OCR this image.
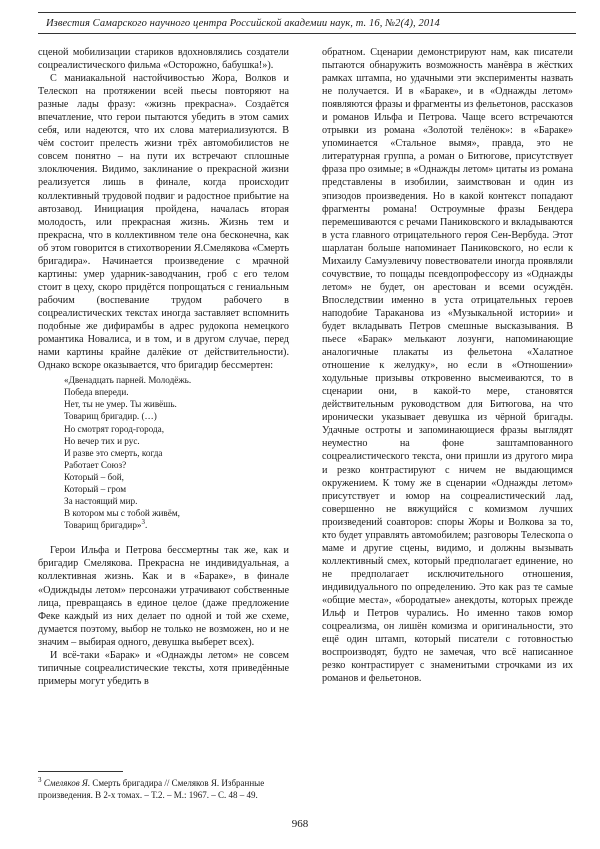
Известия Самарского научного центра Российской академии наук, т. 16, №2(4), 2014

сценой мобилизации стариков вдохновлялись создатели соцреалистического фильма «Осторожно, бабушка!»).

С маниакальной настойчивостью Жора, Волков и Телескоп на протяжении всей пьесы повторяют на разные лады фразу: «жизнь прекрасна». Создаётся впечатление, что герои пытаются убедить в этом самих себя, или надеются, что их слова материализуются. В чём состоит прелесть жизни трёх автомобилистов не совсем понятно – на пути их встречают сплошные злоключения. Видимо, заклинание о прекрасной жизни реализуется лишь в финале, когда происходит коллективный трудовой подвиг и радостное прибытие на автозавод. Инициация пройдена, началась вторая молодость, или прекрасная жизнь. Жизнь тем и прекрасна, что в коллективном теле она бесконечна, как об этом говорится в стихотворении Я.Смелякова «Смерть бригадира». Начинается произведение с мрачной картины: умер ударник-заводчанин, гроб с его телом стоит в цеху, скоро придётся попрощаться с гениальным рабочим (воспевание трудом рабочего в соцреалистических текстах иногда заставляет вспомнить подобные же дифирамбы в адрес рудокопа немецкого романтика Новалиса, и в том, и в другом случае, перед нами картины крайне далёкие от действительности). Однако вскоре оказывается, что бригадир бессмертен:

«Двенадцать парней. Молодёжь.
Победа впереди.
Нет, ты не умер. Ты живёшь.
Товарищ бригадир. (…)
Но смотрят город-города,
Но вечер тих и рус.
И разве это смерть, когда
Работает Союз?
Который – бой,
Который – гром
За настоящий мир.
В котором мы с тобой живём,
Товарищ бригадир»$^3$.

Герои Ильфа и Петрова бессмертны так же, как и бригадир Смелякова. Прекрасна не индивидуальная, а коллективная жизнь. Как и в «Бараке», в финале «Одиждыды летом» персонажи утрачивают собственные лица, превращаясь в единое целое (даже предложение Феке каждый из них делает по одной и той же схеме, думается поэтому, выбор не только не возможен, но и не значим – выбирая одного, девушка выберет всех).

И всё-таки «Барак» и «Однажды летом» не совсем типичные соцреалистические тексты, хотя приведённые примеры могут убедить в

обратном. Сценарии демонстрируют нам, как писатели пытаются обнаружить возможность манёвра в жёстких рамках штампа, но удачными эти эксперименты назвать не получается. И в «Бараке», и в «Однажды летом» появляются фразы и фрагменты из фельетонов, рассказов и романов Ильфа и Петрова. Чаще всего встречаются отрывки из романа «Золотой телёнок»: в «Бараке» упоминается «Стальное вымя», правда, это не литературная группа, а роман о Битюгове, присутствует фраза про озимые; в «Однажды летом» цитаты из романа представлены в изобилии, заимствован и один из эпизодов произведения. Но в какой контекст попадают фрагменты романа! Остроумные фразы Бендера перемешиваются с речами Паниковского и вкладываются в уста главного отрицательного героя Сен-Вербуда. Этот шарлатан больше напоминает Паниковского, но если к Михаилу Самуэлевичу повествователи иногда проявляли сочувствие, то пощады псевдопрофессору из «Однажды летом» не будет, он арестован и всеми осуждён. Впоследствии именно в уста отрицательных героев наподобие Тараканова из «Музыкальной истории» и будет вкладывать Петров смешные высказывания. В пьесе «Барак» мелькают лозунги, напоминающие аналогичные плакаты из фельетона «Халатное отношение к желудку», но если в «Отношении» ходульные призывы откровенно высмеиваются, то в сценарии они, в какой-то мере, становятся действительным руководством для Битюгова, на что иронически указывает девушка из чёрной бригады. Удачные остроты и запоминающиеся фразы выглядят неуместно на фоне заштампованного соцреалистического текста, они пришли из другого мира и резко контрастируют с ничем не выдающимся окружением. К тому же в сценарии «Однажды летом» присутствует и юмор на соцреалистический лад, совершенно не вяжущийся с комизмом лучших произведений соавторов: споры Жоры и Волкова за то, кто будет управлять автомобилем; разговоры Телескопа о маме и другие сцены, видимо, и должны вызывать коллективный смех, который предполагает единение, но не предполагает исключительного отношения, индивидуального по определению. Это как раз те самые «общие места», «бородатые» анекдоты, которых прежде Ильф и Петров чурались. Но именно таков юмор соцреализма, он лишён комизма и оригинальности, это ещё один штамп, который писатели с готовностью воспроизводят, будто не замечая, что всё написанное резко контрастирует с знаменитыми строчками из их романов и фельетонов.

$^3$ Смеляков Я. Смерть бригадира // Смеляков Я. Избранные произведения. В 2-х томах. – Т.2. – М.: 1967. – С. 48 – 49.
968
